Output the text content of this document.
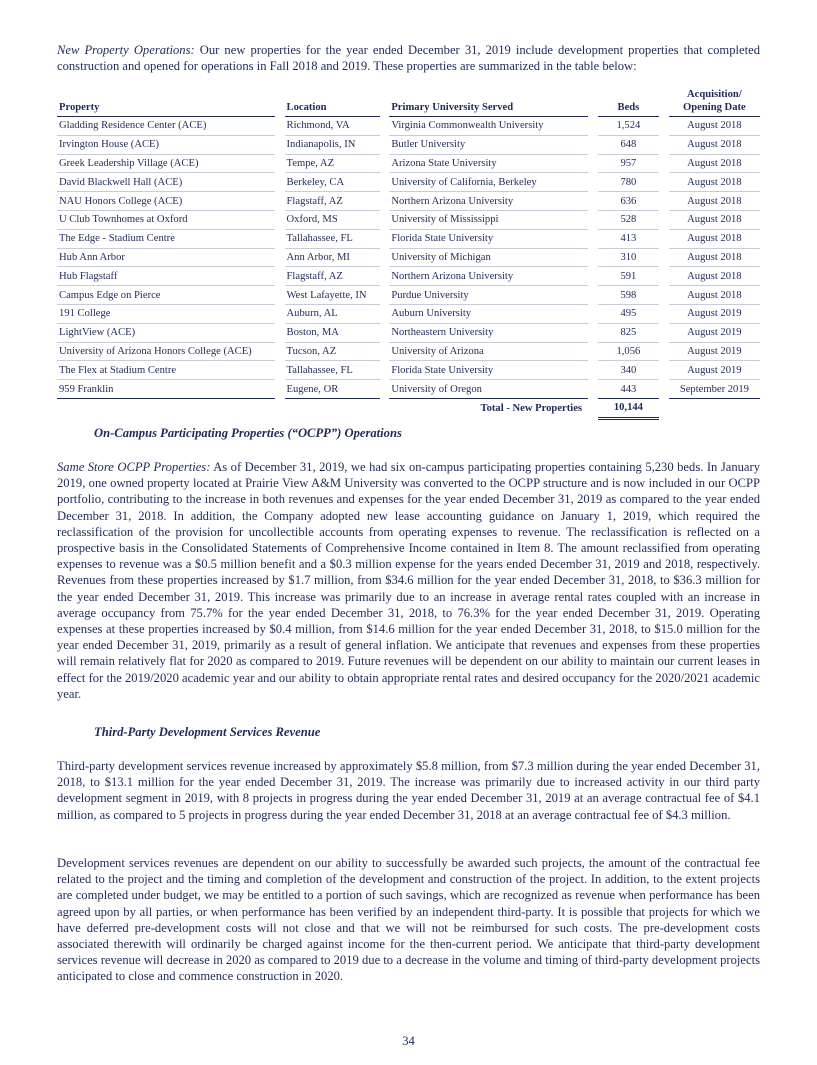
New Property Operations: Our new properties for the year ended December 31, 2019 include development properties that completed construction and opened for operations in Fall 2018 and 2019. These properties are summarized in the table below:

Property		Location		Primary University Served		Beds		Acquisition/
Opening Date
Gladding Residence Center (ACE)		Richmond, VA		Virginia Commonwealth University		1,524		August 2018
Irvington House (ACE)		Indianapolis, IN		Butler University		648		August 2018
Greek Leadership Village (ACE)		Tempe, AZ		Arizona State University		957		August 2018
David Blackwell Hall (ACE)		Berkeley, CA		University of California, Berkeley		780		August 2018
NAU Honors College (ACE)		Flagstaff, AZ		Northern Arizona University		636		August 2018
U Club Townhomes at Oxford		Oxford, MS		University of Mississippi		528		August 2018
The Edge - Stadium Centre		Tallahassee, FL		Florida State University		413		August 2018
Hub Ann Arbor		Ann Arbor, MI		University of Michigan		310		August 2018
Hub Flagstaff		Flagstaff, AZ		Northern Arizona University		591		August 2018
Campus Edge on Pierce		West Lafayette, IN		Purdue University		598		August 2018
191 College		Auburn, AL		Auburn University		495		August 2019
LightView (ACE)		Boston, MA		Northeastern University		825		August 2019
University of Arizona Honors College (ACE)		Tucson, AZ		University of Arizona		1,056		August 2019
The Flex at Stadium Centre		Tallahassee, FL		Florida State University		340		August 2019
959 Franklin		Eugene, OR		University of Oregon		443		September 2019
Total - New Properties						10,144		

On-Campus Participating Properties (“OCPP”) Operations

Same Store OCPP Properties: As of December 31, 2019, we had six on-campus participating properties containing 5,230 beds. In January 2019, one owned property located at Prairie View A&M University was converted to the OCPP structure and is now included in our OCPP portfolio, contributing to the increase in both revenues and expenses for the year ended December 31, 2019 as compared to the year ended December 31, 2018. In addition, the Company adopted new lease accounting guidance on January 1, 2019, which required the reclassification of the provision for uncollectible accounts from operating expenses to revenue. The reclassification is reflected on a prospective basis in the Consolidated Statements of Comprehensive Income contained in Item 8. The amount reclassified from operating expenses to revenue was a $0.5 million benefit and a $0.3 million expense for the years ended December 31, 2019 and 2018, respectively. Revenues from these properties increased by $1.7 million, from $34.6 million for the year ended December 31, 2018, to $36.3 million for the year ended December 31, 2019. This increase was primarily due to an increase in average rental rates coupled with an increase in average occupancy from 75.7% for the year ended December 31, 2018, to 76.3% for the year ended December 31, 2019. Operating expenses at these properties increased by $0.4 million, from $14.6 million for the year ended December 31, 2018, to $15.0 million for the year ended December 31, 2019, primarily as a result of general inflation. We anticipate that revenues and expenses from these properties will remain relatively flat for 2020 as compared to 2019. Future revenues will be dependent on our ability to maintain our current leases in effect for the 2019/2020 academic year and our ability to obtain appropriate rental rates and desired occupancy for the 2020/2021 academic year.

Third-Party Development Services Revenue

Third-party development services revenue increased by approximately $5.8 million, from $7.3 million during the year ended December 31, 2018, to $13.1 million for the year ended December 31, 2019. The increase was primarily due to increased activity in our third party development segment in 2019, with 8 projects in progress during the year ended December 31, 2019 at an average contractual fee of $4.1 million, as compared to 5 projects in progress during the year ended December 31, 2018 at an average contractual fee of $4.3 million.

Development services revenues are dependent on our ability to successfully be awarded such projects, the amount of the contractual fee related to the project and the timing and completion of the development and construction of the project. In addition, to the extent projects are completed under budget, we may be entitled to a portion of such savings, which are recognized as revenue when performance has been agreed upon by all parties, or when performance has been verified by an independent third-party. It is possible that projects for which we have deferred pre-development costs will not close and that we will not be reimbursed for such costs. The pre-development costs associated therewith will ordinarily be charged against income for the then-current period. We anticipate that third-party development services revenue will decrease in 2020 as compared to 2019 due to a decrease in the volume and timing of third-party development projects anticipated to close and commence construction in 2020.

34
